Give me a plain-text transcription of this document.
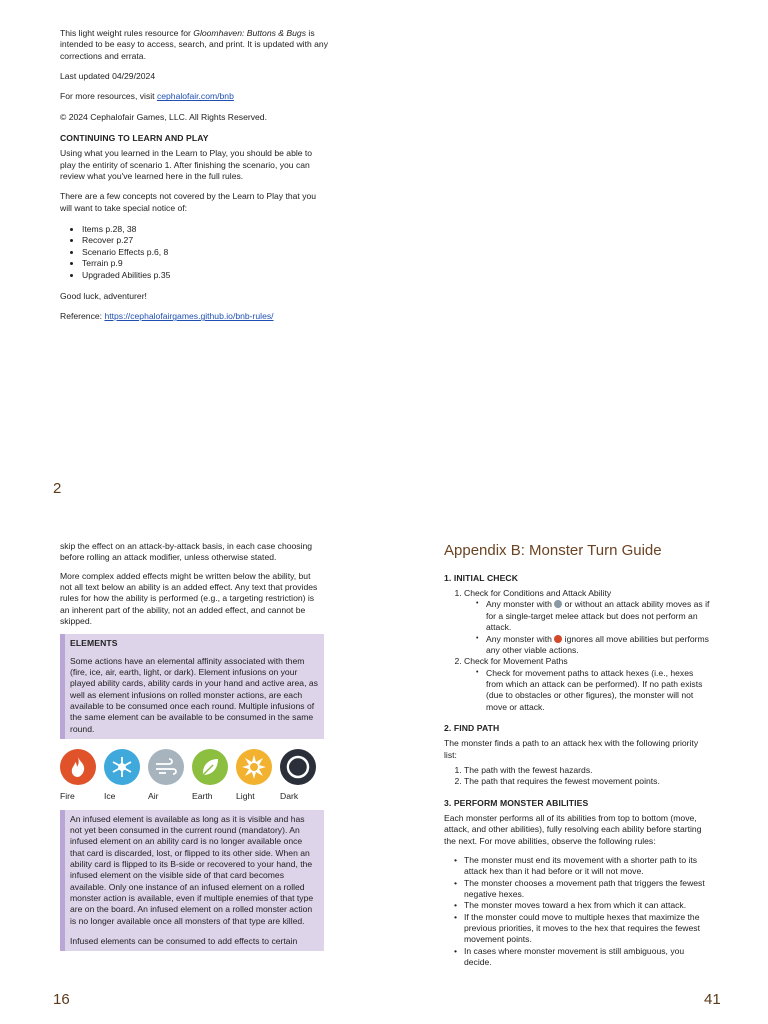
This light weight rules resource for Gloomhaven: Buttons & Bugs is intended to be easy to access, search, and print. It is updated with any corrections and errata.

Last updated 04/29/2024

For more resources, visit cephalofair.com/bnb

© 2024 Cephalofair Games, LLC. All Rights Reserved.

CONTINUING TO LEARN AND PLAY

Using what you learned in the Learn to Play, you should be able to play the entirity of scenario 1. After finishing the scenario, you can review what you've learned here in the full rules.

There are a few concepts not covered by the Learn to Play that you will want to take special notice of:

• Items p.28, 38
• Recover p.27
• Scenario Effects p.6, 8
• Terrain p.9
• Upgraded Abilities p.35

Good luck, adventurer!

Reference: https://cephalofairgames.github.io/bnb-rules/

2

skip the effect on an attack-by-attack basis, in each case choosing before rolling an attack modifier, unless otherwise stated.

More complex added effects might be written below the ability, but not all text below an ability is an added effect. Any text that provides rules for how the ability is performed (e.g., a targeting restriction) is an inherent part of the ability, not an added effect, and cannot be skipped.

ELEMENTS

Some actions have an elemental affinity associated with them (fire, ice, air, earth, light, or dark). Element infusions on your played ability cards, ability cards in your hand and active area, as well as element infusions on rolled monster actions, are each available to be consumed once each round. Multiple infusions of the same element can be available to be consumed in the same round.

Fire	Ice	Air	Earth	Light	Dark

An infused element is available as long as it is visible and has not yet been consumed in the current round (mandatory). An infused element on an ability card is no longer available once that card is discarded, lost, or flipped to its other side. When an ability card is flipped to its B-side or recovered to your hand, the infused element on the visible side of that card becomes available. Only one instance of an infused element on a rolled monster action is available, even if multiple enemies of that type are on the board. An infused element on a rolled monster action is no longer available once all monsters of that type are killed.

Infused elements can be consumed to add effects to certain

16
Appendix B: Monster Turn Guide

1. INITIAL CHECK

1. Check for Conditions and Attack Ability
• Any monster with  or without an attack ability moves as if for a single-target melee attack but does not perform an attack.
• Any monster with  ignores all move abilities but performs any other viable actions.
2. Check for Movement Paths
• Check for movement paths to attack hexes (i.e., hexes from which an attack can be performed). If no path exists (due to obstacles or other figures), the monster will not move or attack.

2. FIND PATH

The monster finds a path to an attack hex with the following priority list:

1. The path with the fewest hazards.
2. The path that requires the fewest movement points.

3. PERFORM MONSTER ABILITIES

Each monster performs all of its abilities from top to bottom (move, attack, and other abilities), fully resolving each ability before starting the next. For move abilities, observe the following rules:

• The monster must end its movement with a shorter path to its attack hex than it had before or it will not move.
• The monster chooses a movement path that triggers the fewest negative hexes.
• The monster moves toward a hex from which it can attack.
• If the monster could move to multiple hexes that maximize the previous priorities, it moves to the hex that requires the fewest movement points.
• In cases where monster movement is still ambiguous, you decide.
41
